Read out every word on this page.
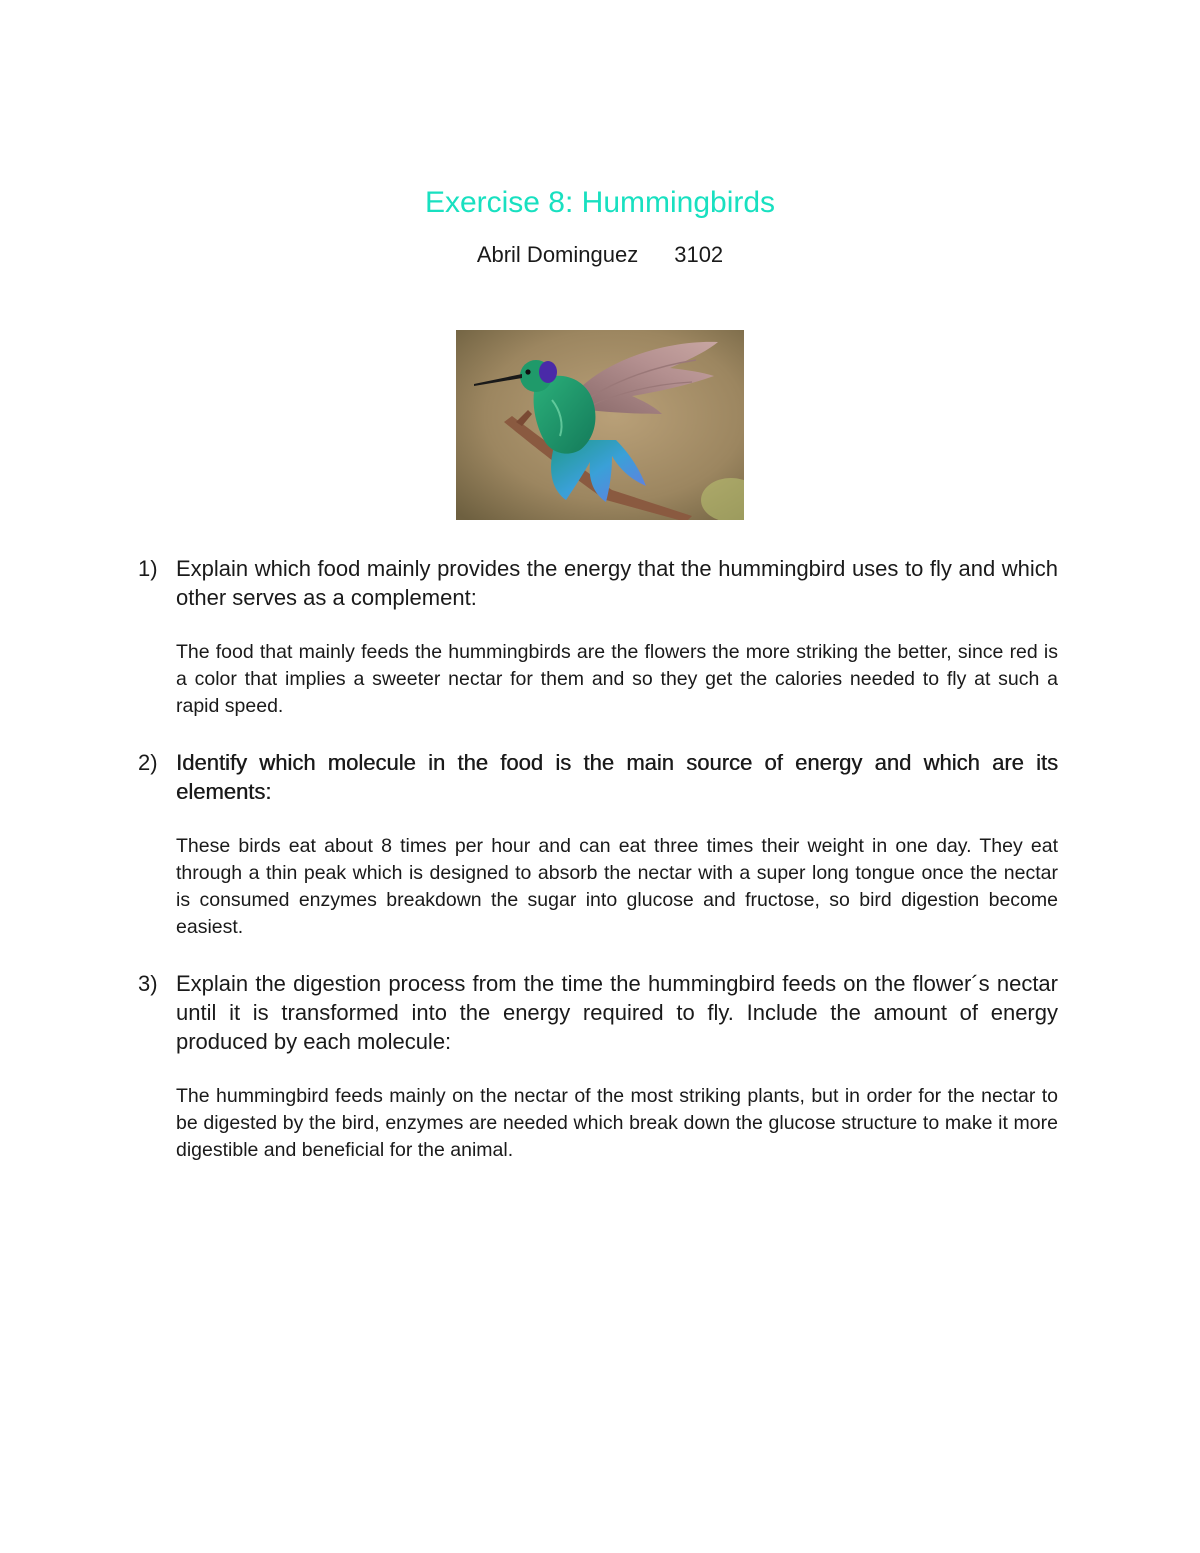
Exercise 8: Hummingbirds
Abril Dominguez 3102
1) Explain which food mainly provides the energy that the hummingbird uses to fly and which other serves as a complement:

The food that mainly feeds the hummingbirds are the flowers the more striking the better, since red is a color that implies a sweeter nectar for them and so they get the calories needed to fly at such a rapid speed.

2) Identify which molecule in the food is the main source of energy and which are its elements:

These birds eat about 8 times per hour and can eat three times their weight in one day. They eat through a thin peak which is designed to absorb the nectar with a super long tongue once the nectar is consumed enzymes breakdown the sugar into glucose and fructose, so bird digestion become easiest.

3) Explain the digestion process from the time the hummingbird feeds on the flower´s nectar until it is transformed into the energy required to fly. Include the amount of energy produced by each molecule:

The hummingbird feeds mainly on the nectar of the most striking plants, but in order for the nectar to be digested by the bird, enzymes are needed which break down the glucose structure to make it more digestible and beneficial for the animal.
